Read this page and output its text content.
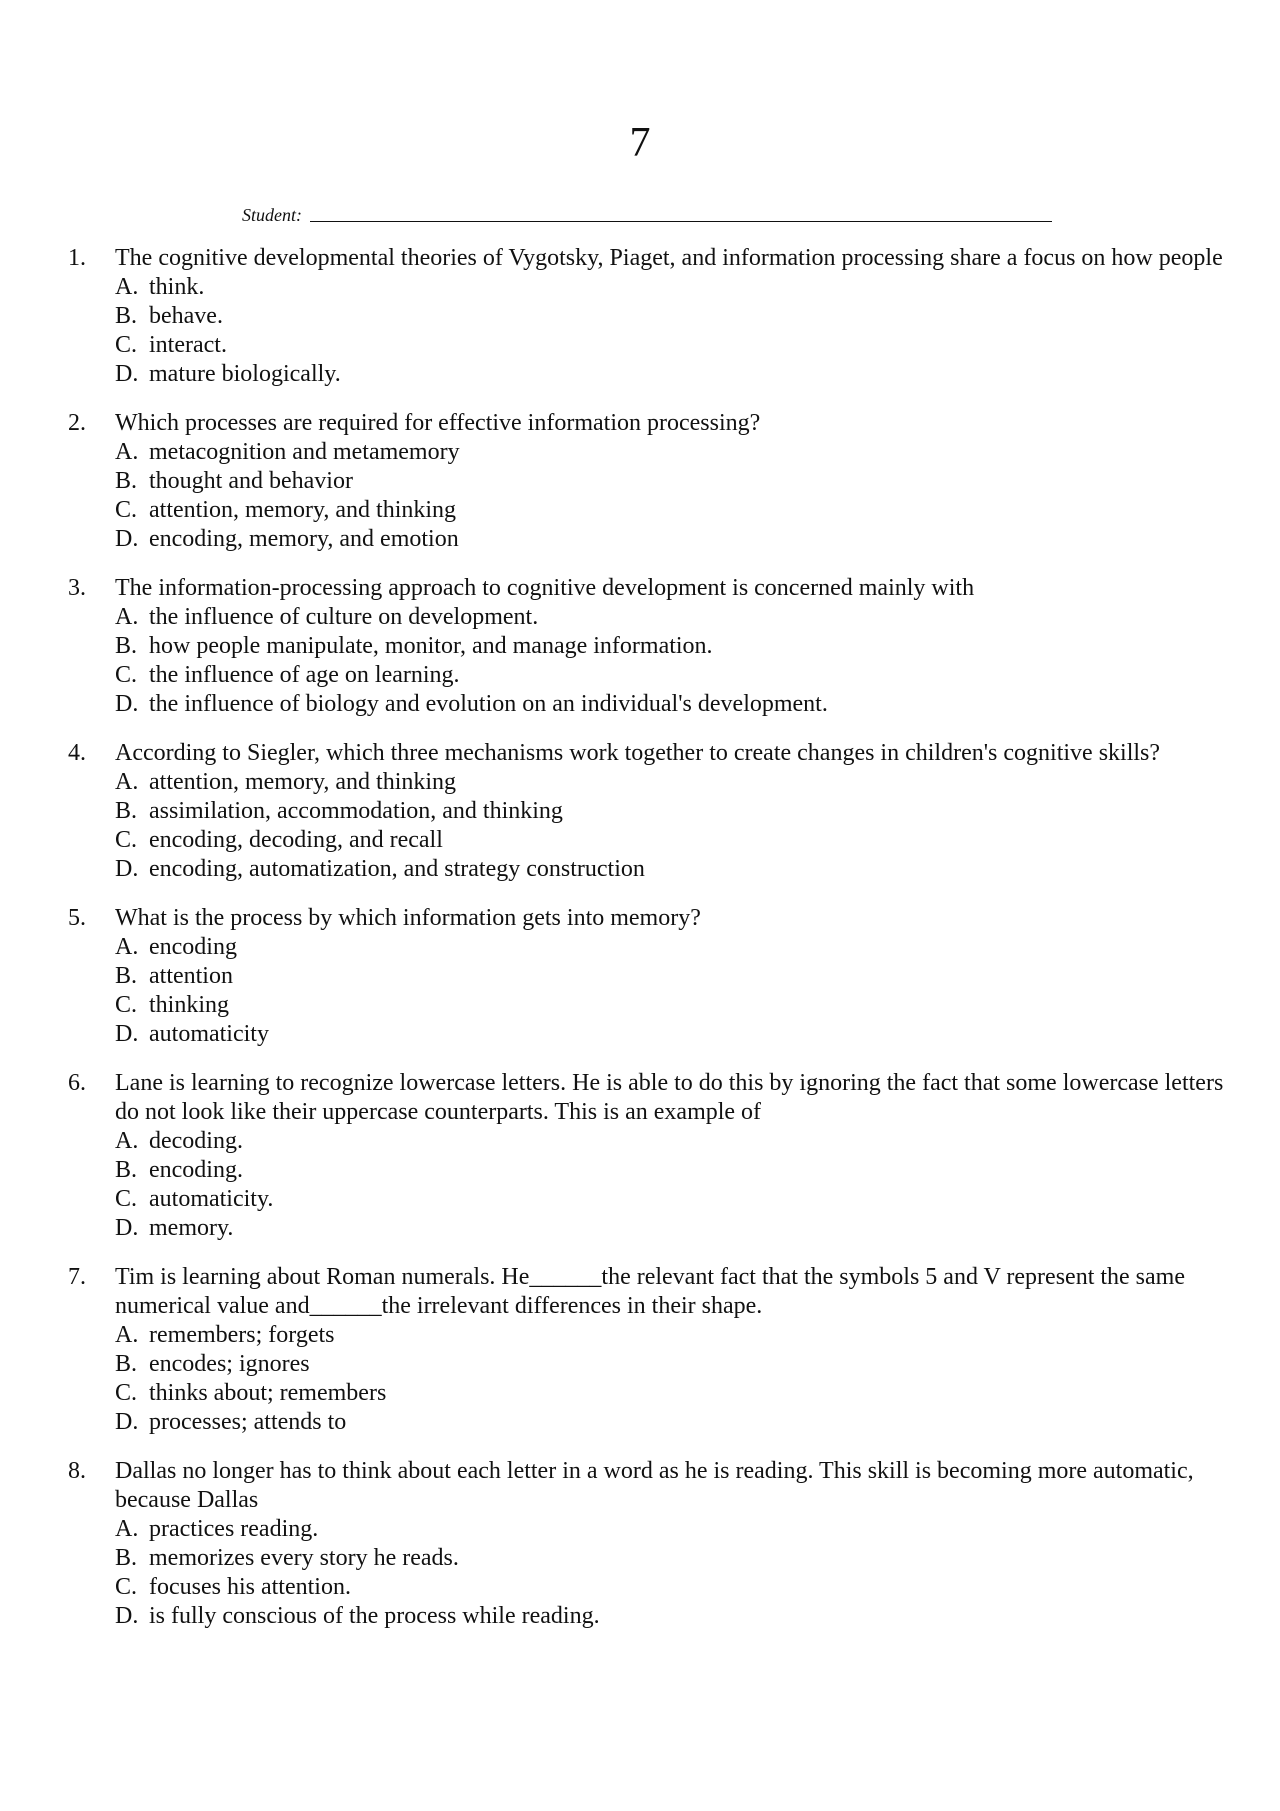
7
Student:
1. The cognitive developmental theories of Vygotsky, Piaget, and information processing share a focus on how people
A. think.
B. behave.
C. interact.
D. mature biologically.
2. Which processes are required for effective information processing?
A. metacognition and metamemory
B. thought and behavior
C. attention, memory, and thinking
D. encoding, memory, and emotion
3. The information-processing approach to cognitive development is concerned mainly with
A. the influence of culture on development.
B. how people manipulate, monitor, and manage information.
C. the influence of age on learning.
D. the influence of biology and evolution on an individual's development.
4. According to Siegler, which three mechanisms work together to create changes in children's cognitive skills?
A. attention, memory, and thinking
B. assimilation, accommodation, and thinking
C. encoding, decoding, and recall
D. encoding, automatization, and strategy construction
5. What is the process by which information gets into memory?
A. encoding
B. attention
C. thinking
D. automaticity
6. Lane is learning to recognize lowercase letters. He is able to do this by ignoring the fact that some lowercase letters do not look like their uppercase counterparts. This is an example of
A. decoding.
B. encoding.
C. automaticity.
D. memory.
7. Tim is learning about Roman numerals. He______the relevant fact that the symbols 5 and V represent the same numerical value and______the irrelevant differences in their shape.
A. remembers; forgets
B. encodes; ignores
C. thinks about; remembers
D. processes; attends to
8. Dallas no longer has to think about each letter in a word as he is reading. This skill is becoming more automatic, because Dallas
A. practices reading.
B. memorizes every story he reads.
C. focuses his attention.
D. is fully conscious of the process while reading.
